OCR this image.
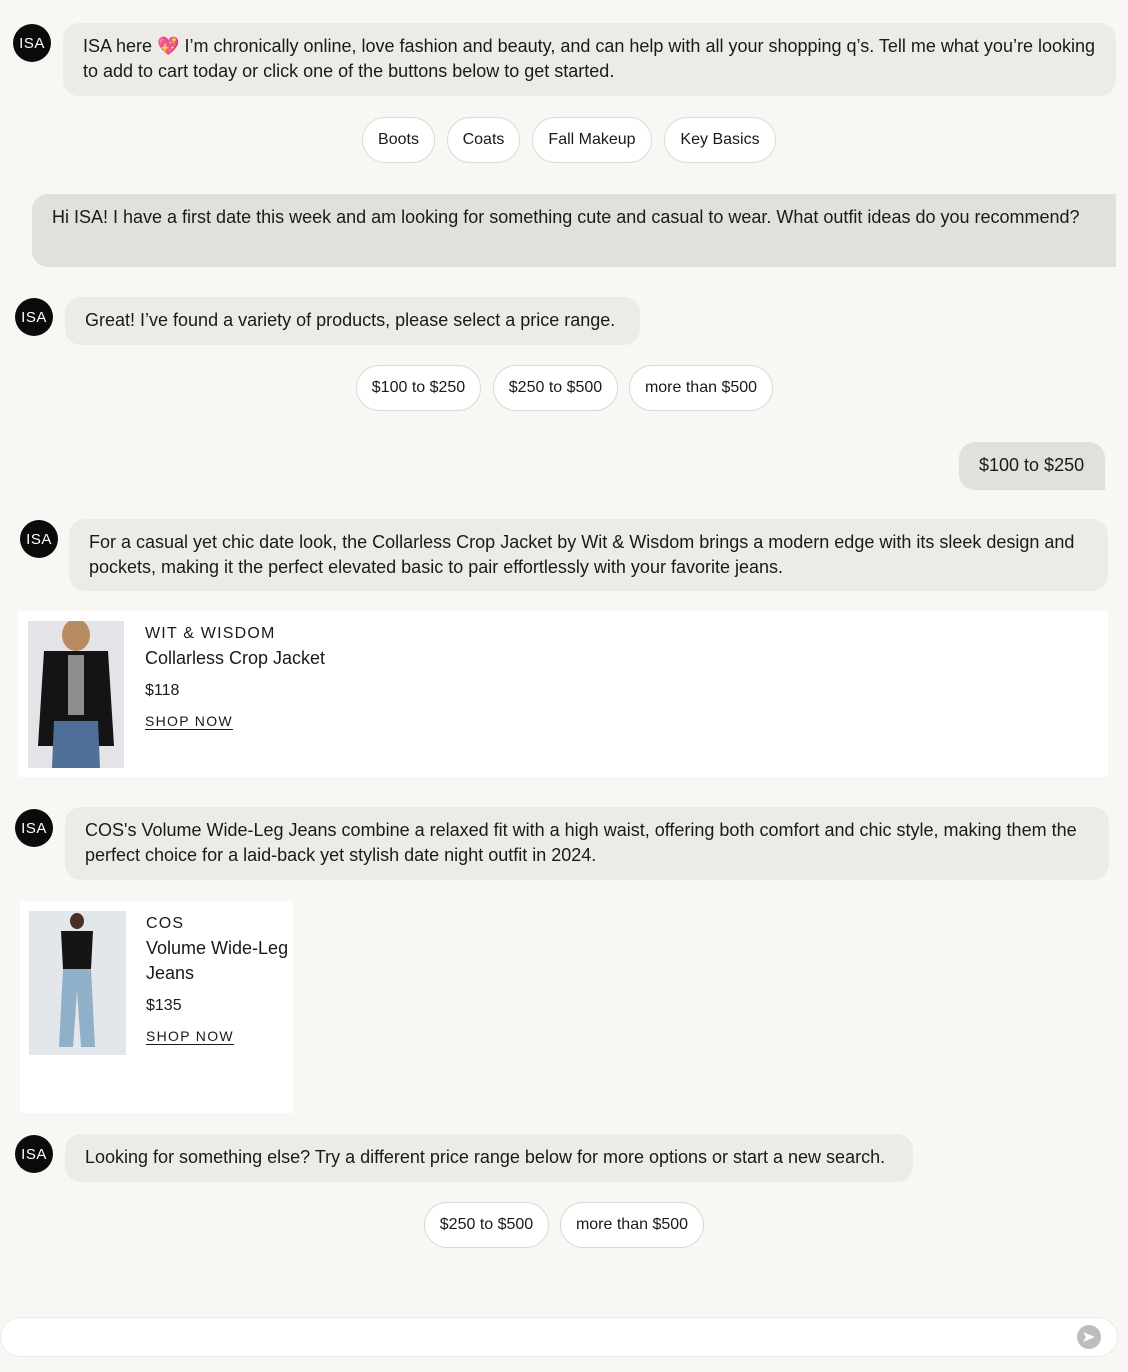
ISA	ISA here 💖 I’m chronically online, love fashion and beauty, and can help with all your shopping q’s. Tell me what you’re looking to add to cart today or click one of the buttons below to get started.
Boots	Coats	Fall Makeup	Key Basics
Hi ISA! I have a first date this week and am looking for something cute and casual to wear. What outfit ideas do you recommend?
ISA	Great! I’ve found a variety of products, please select a price range.
$100 to $250	$250 to $500	more than $500
$100 to $250
ISA	For a casual yet chic date look, the Collarless Crop Jacket by Wit & Wisdom brings a modern edge with its sleek design and pockets, making it the perfect elevated basic to pair effortlessly with your favorite jeans.
WIT & WISDOM
Collarless Crop Jacket
$118
SHOP NOW
ISA	COS's Volume Wide-Leg Jeans combine a relaxed fit with a high waist, offering both comfort and chic style, making them the perfect choice for a laid-back yet stylish date night outfit in 2024.
COS
Volume Wide-Leg Jeans
$135
SHOP NOW
ISA	Looking for something else? Try a different price range below for more options or start a new search.
$250 to $500	more than $500
